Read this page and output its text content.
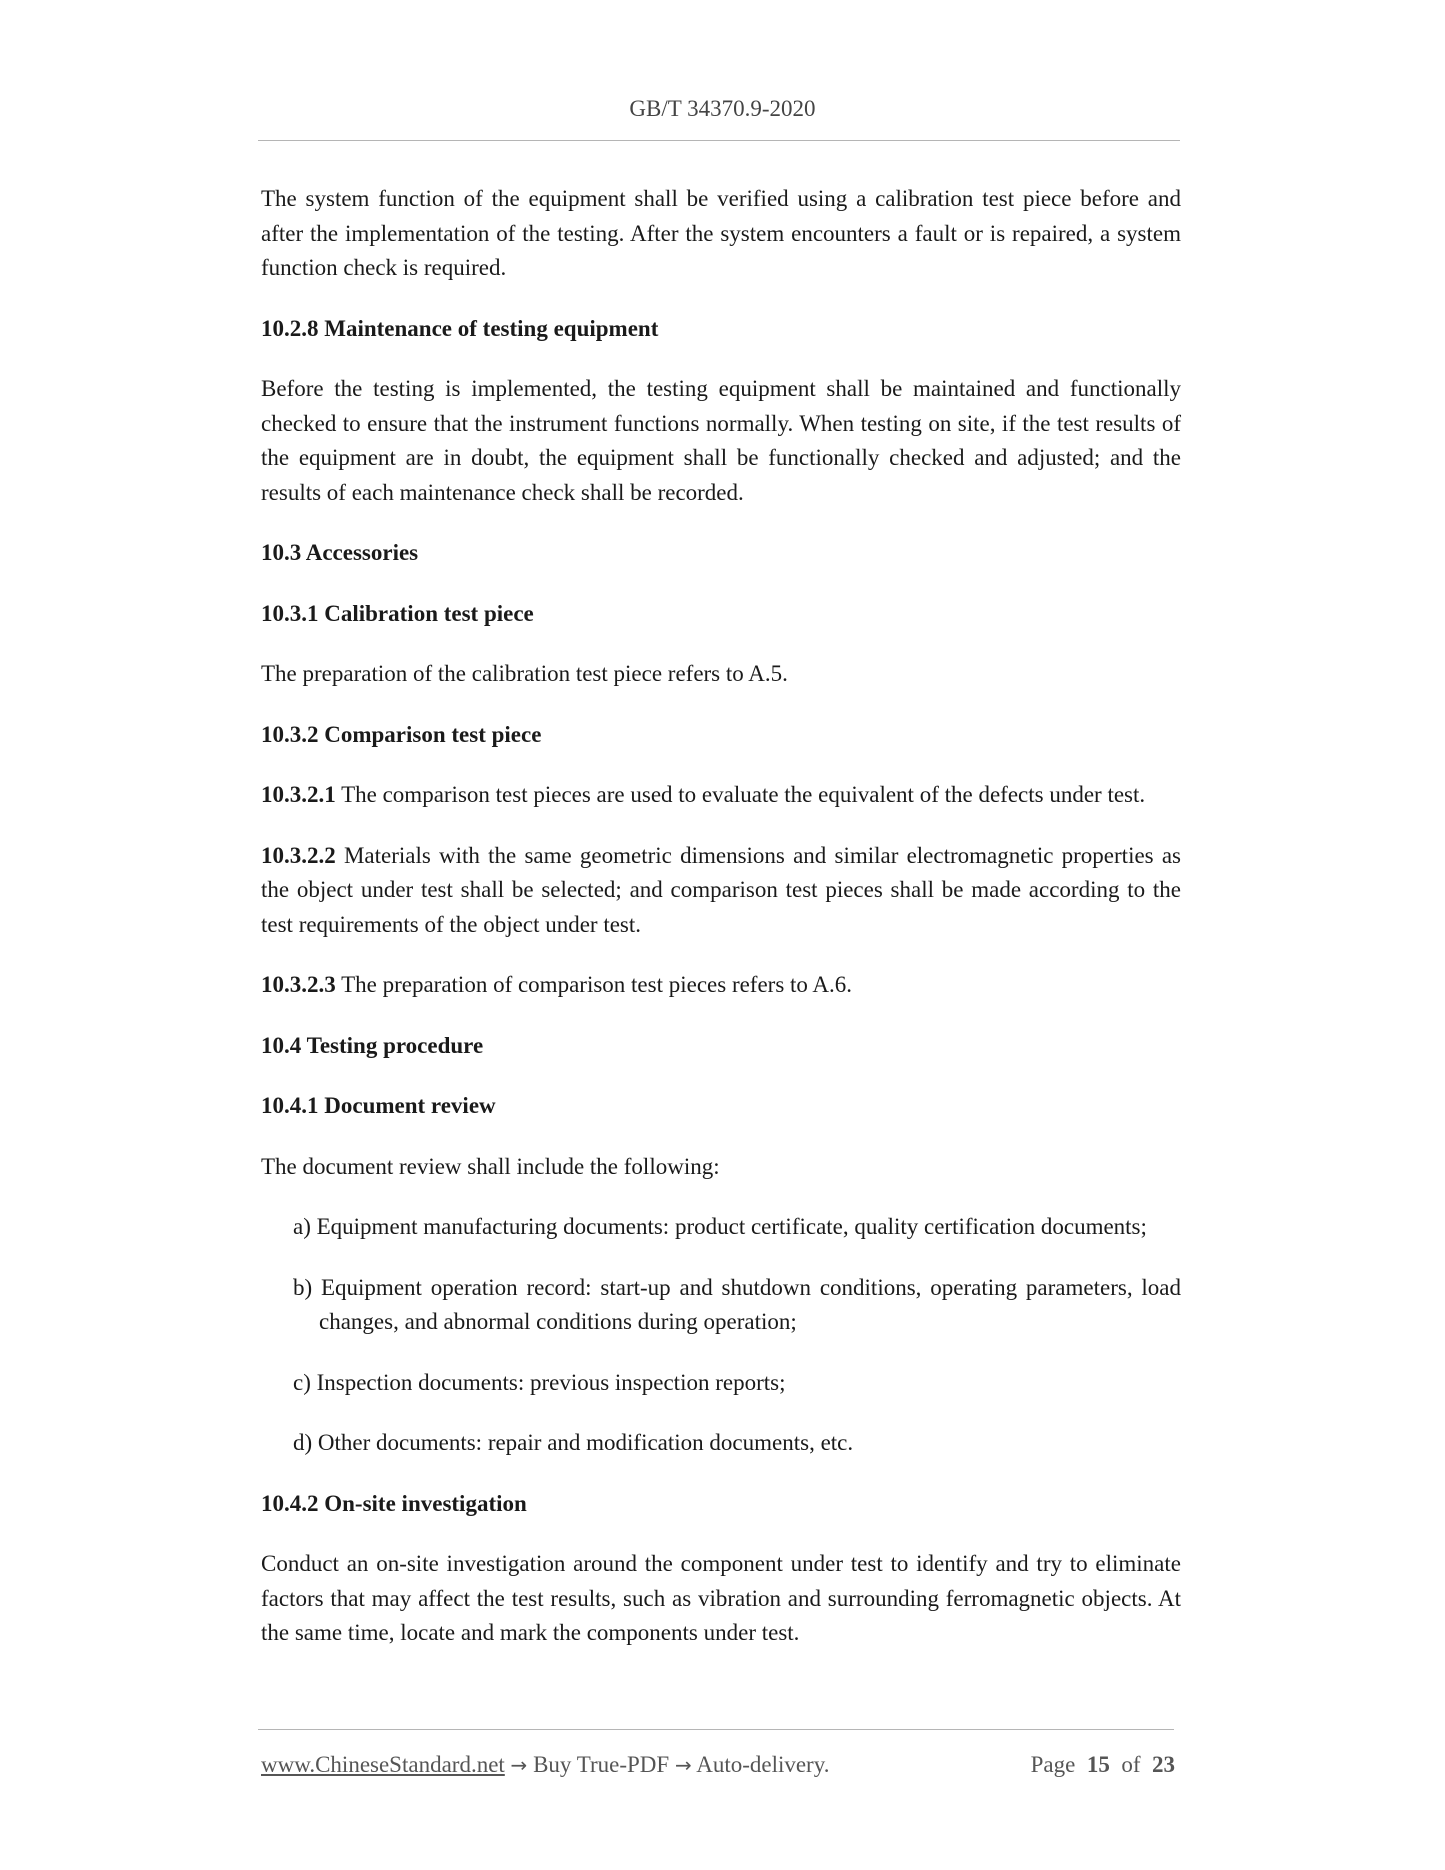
GB/T 34370.9-2020

The system function of the equipment shall be verified using a calibration test piece before and after the implementation of the testing. After the system encounters a fault or is repaired, a system function check is required.

10.2.8 Maintenance of testing equipment

Before the testing is implemented, the testing equipment shall be maintained and functionally checked to ensure that the instrument functions normally. When testing on site, if the test results of the equipment are in doubt, the equipment shall be functionally checked and adjusted; and the results of each maintenance check shall be recorded.

10.3 Accessories
10.3.1 Calibration test piece

The preparation of the calibration test piece refers to A.5.

10.3.2 Comparison test piece

10.3.2.1 The comparison test pieces are used to evaluate the equivalent of the defects under test.

10.3.2.2 Materials with the same geometric dimensions and similar electromagnetic properties as the object under test shall be selected; and comparison test pieces shall be made according to the test requirements of the object under test.

10.3.2.3 The preparation of comparison test pieces refers to A.6.

10.4 Testing procedure
10.4.1 Document review

The document review shall include the following:

a) Equipment manufacturing documents: product certificate, quality certification documents;

b) Equipment operation record: start-up and shutdown conditions, operating parameters, load changes, and abnormal conditions during operation;

c) Inspection documents: previous inspection reports;

d) Other documents: repair and modification documents, etc.

10.4.2 On-site investigation

Conduct an on-site investigation around the component under test to identify and try to eliminate factors that may affect the test results, such as vibration and surrounding ferromagnetic objects. At the same time, locate and mark the components under test.

www.ChineseStandard.net → Buy True-PDF → Auto-delivery.	Page 15 of 23
